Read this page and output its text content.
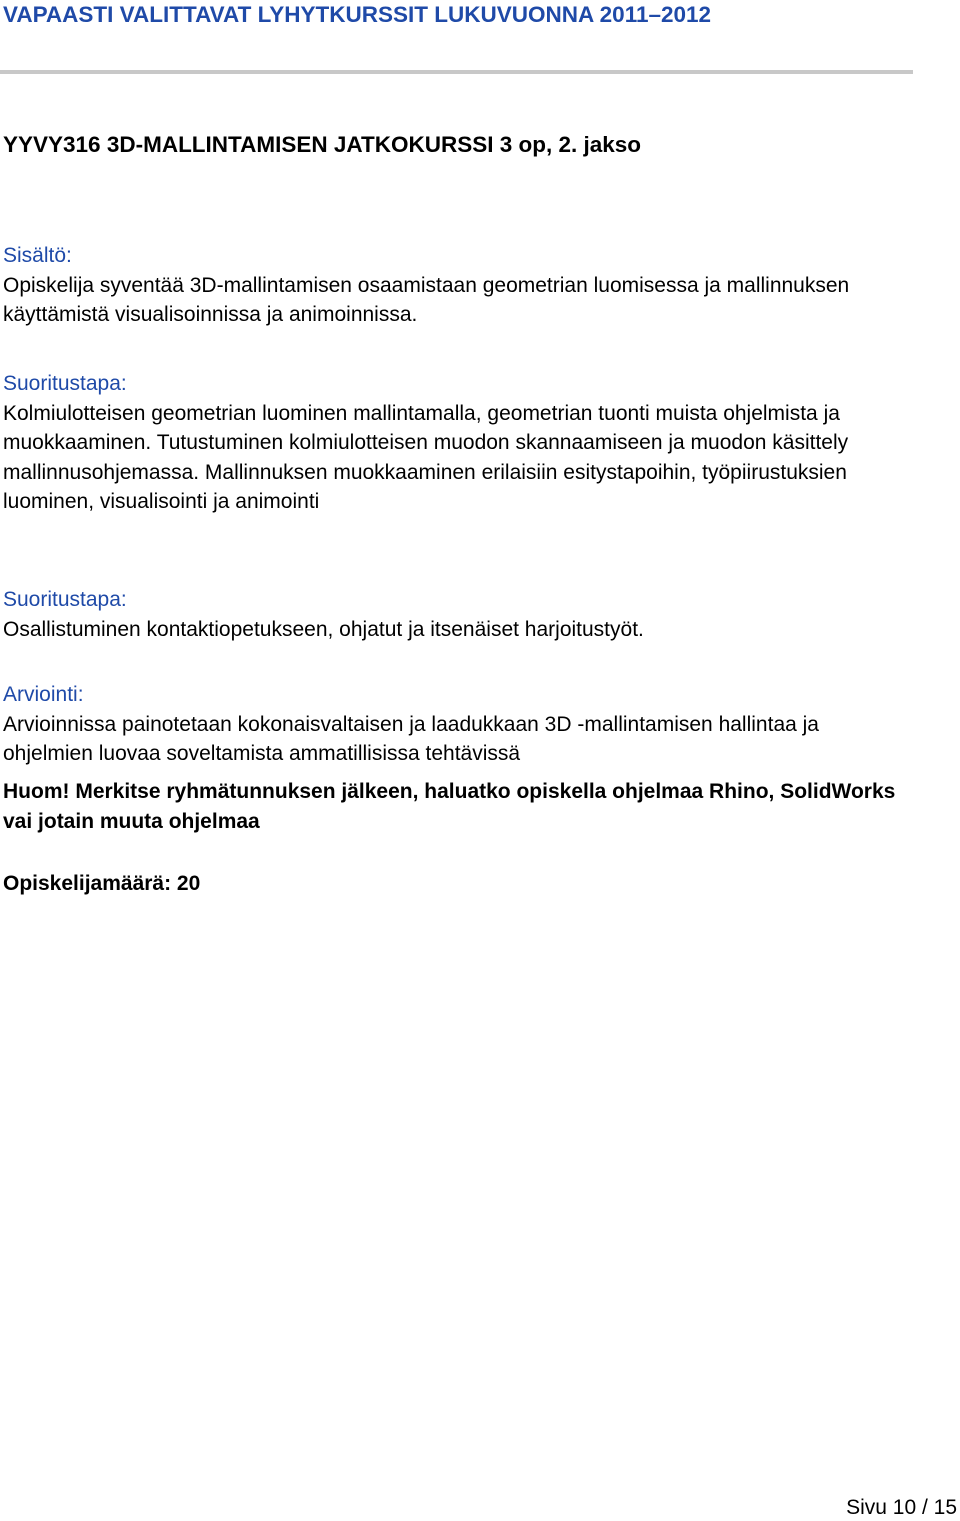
VAPAASTI VALITTAVAT LYHYTKURSSIT LUKUVUONNA 2011–2012
YYVY316 3D-MALLINTAMISEN JATKOKURSSI 3 op, 2. jakso
Sisältö:
Opiskelija syventää 3D-mallintamisen osaamistaan geometrian luomisessa ja mallinnuksen käyttämistä visualisoinnissa ja animoinnissa.
Suoritustapa:
Kolmiulotteisen geometrian luominen mallintamalla, geometrian tuonti muista ohjelmista ja muokkaaminen. Tutustuminen kolmiulotteisen muodon skannaamiseen ja muodon käsittely mallinnusohjemassa. Mallinnuksen muokkaaminen erilaisiin esitystapoihin, työpiirustuksien luominen, visualisointi ja animointi
Suoritustapa:
Osallistuminen kontaktiopetukseen, ohjatut ja itsenäiset harjoitustyöt.
Arviointi:
Arvioinnissa painotetaan kokonaisvaltaisen ja laadukkaan 3D -mallintamisen hallintaa ja ohjelmien luovaa soveltamista ammatillisissa tehtävissä
Huom! Merkitse ryhmätunnuksen jälkeen, haluatko opiskella ohjelmaa Rhino, SolidWorks vai jotain muuta ohjelmaa
Opiskelijamäärä: 20
Sivu 10 / 15
